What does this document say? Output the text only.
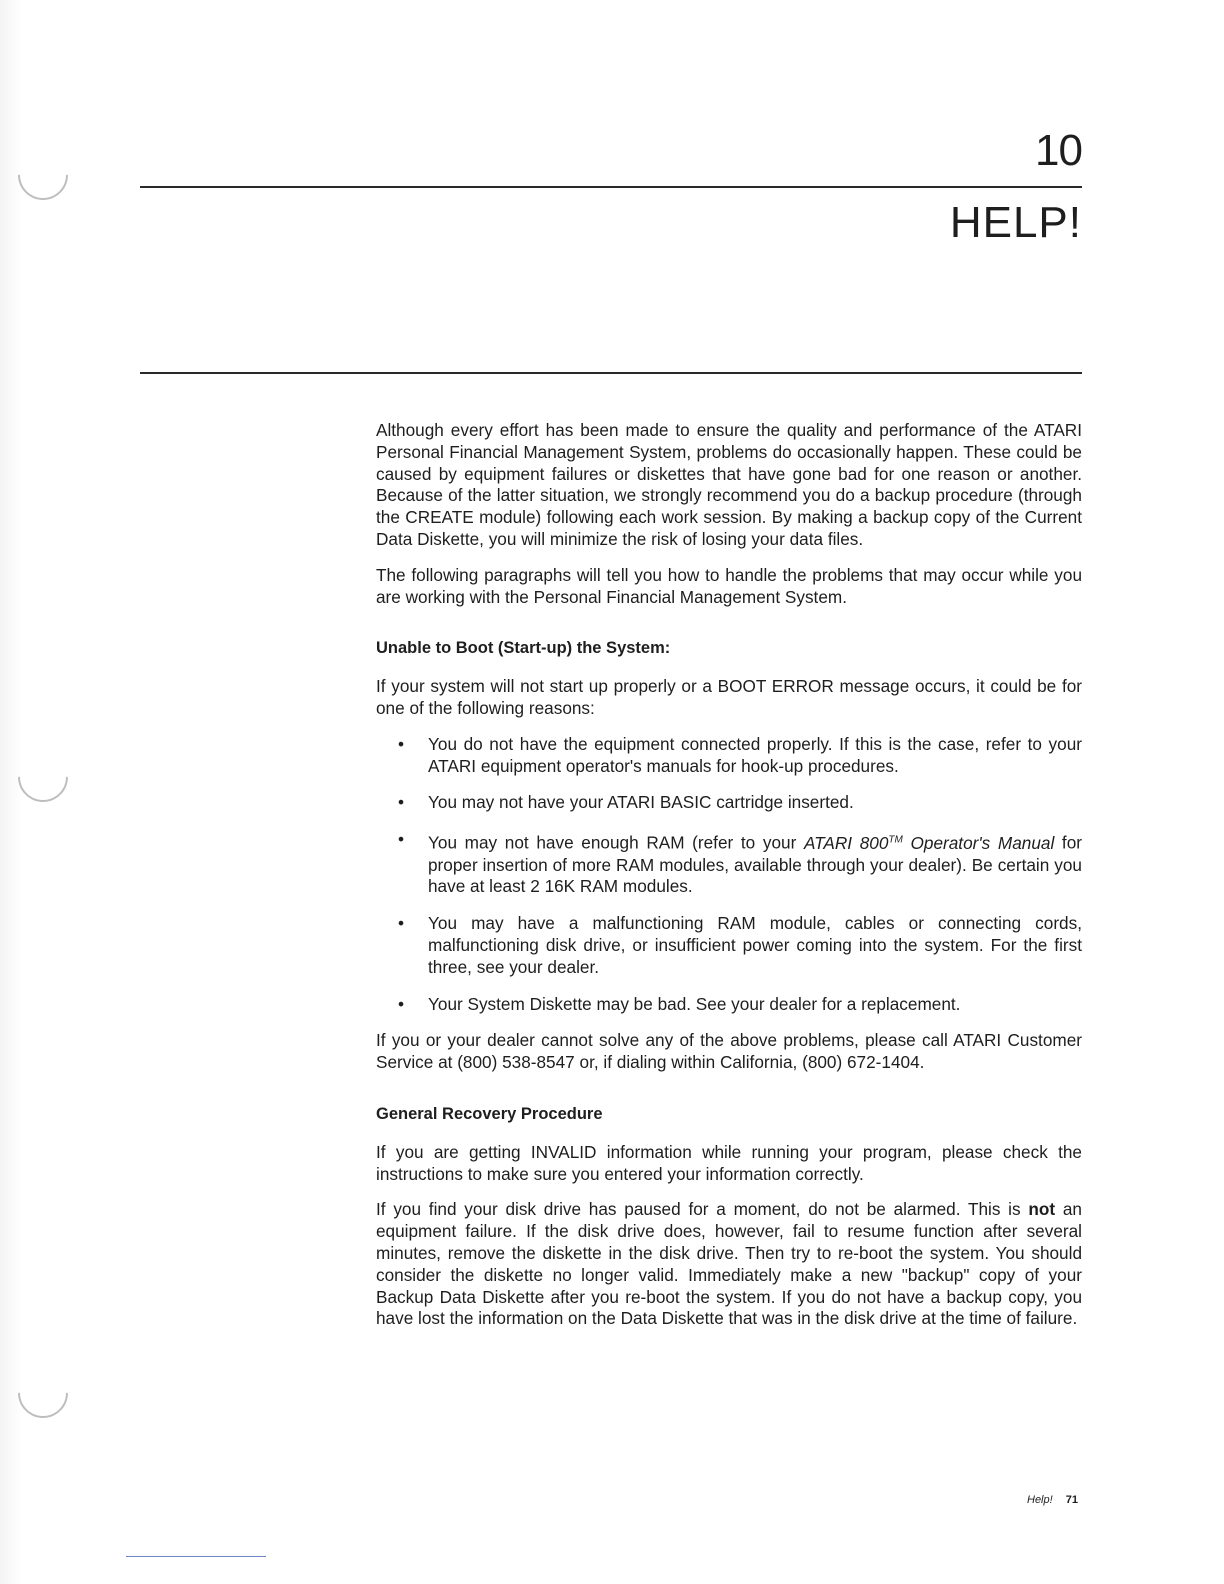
10
HELP!

Although every effort has been made to ensure the quality and performance of the ATARI Personal Financial Management System, problems do occasionally happen. These could be caused by equipment failures or diskettes that have gone bad for one reason or another. Because of the latter situation, we strongly recommend you do a backup procedure (through the CREATE module) following each work session. By making a backup copy of the Current Data Diskette, you will minimize the risk of losing your data files.

The following paragraphs will tell you how to handle the problems that may occur while you are working with the Personal Financial Management System.

Unable to Boot (Start-up) the System:

If your system will not start up properly or a BOOT ERROR message occurs, it could be for one of the following reasons:

• You do not have the equipment connected properly. If this is the case, refer to your ATARI equipment operator's manuals for hook-up procedures.
• You may not have your ATARI BASIC cartridge inserted.
• You may not have enough RAM (refer to your ATARI 800™ Operator's Manual for proper insertion of more RAM modules, available through your dealer). Be certain you have at least 2 16K RAM modules.
• You may have a malfunctioning RAM module, cables or connecting cords, malfunctioning disk drive, or insufficient power coming into the system. For the first three, see your dealer.
• Your System Diskette may be bad. See your dealer for a replacement.

If you or your dealer cannot solve any of the above problems, please call ATARI Customer Service at (800) 538-8547 or, if dialing within California, (800) 672-1404.

General Recovery Procedure

If you are getting INVALID information while running your program, please check the instructions to make sure you entered your information correctly.

If you find your disk drive has paused for a moment, do not be alarmed. This is not an equipment failure. If the disk drive does, however, fail to resume function after several minutes, remove the diskette in the disk drive. Then try to re-boot the system. You should consider the diskette no longer valid. Immediately make a new "backup" copy of your Backup Data Diskette after you re-boot the system. If you do not have a backup copy, you have lost the information on the Data Diskette that was in the disk drive at the time of failure.

Help! 71
